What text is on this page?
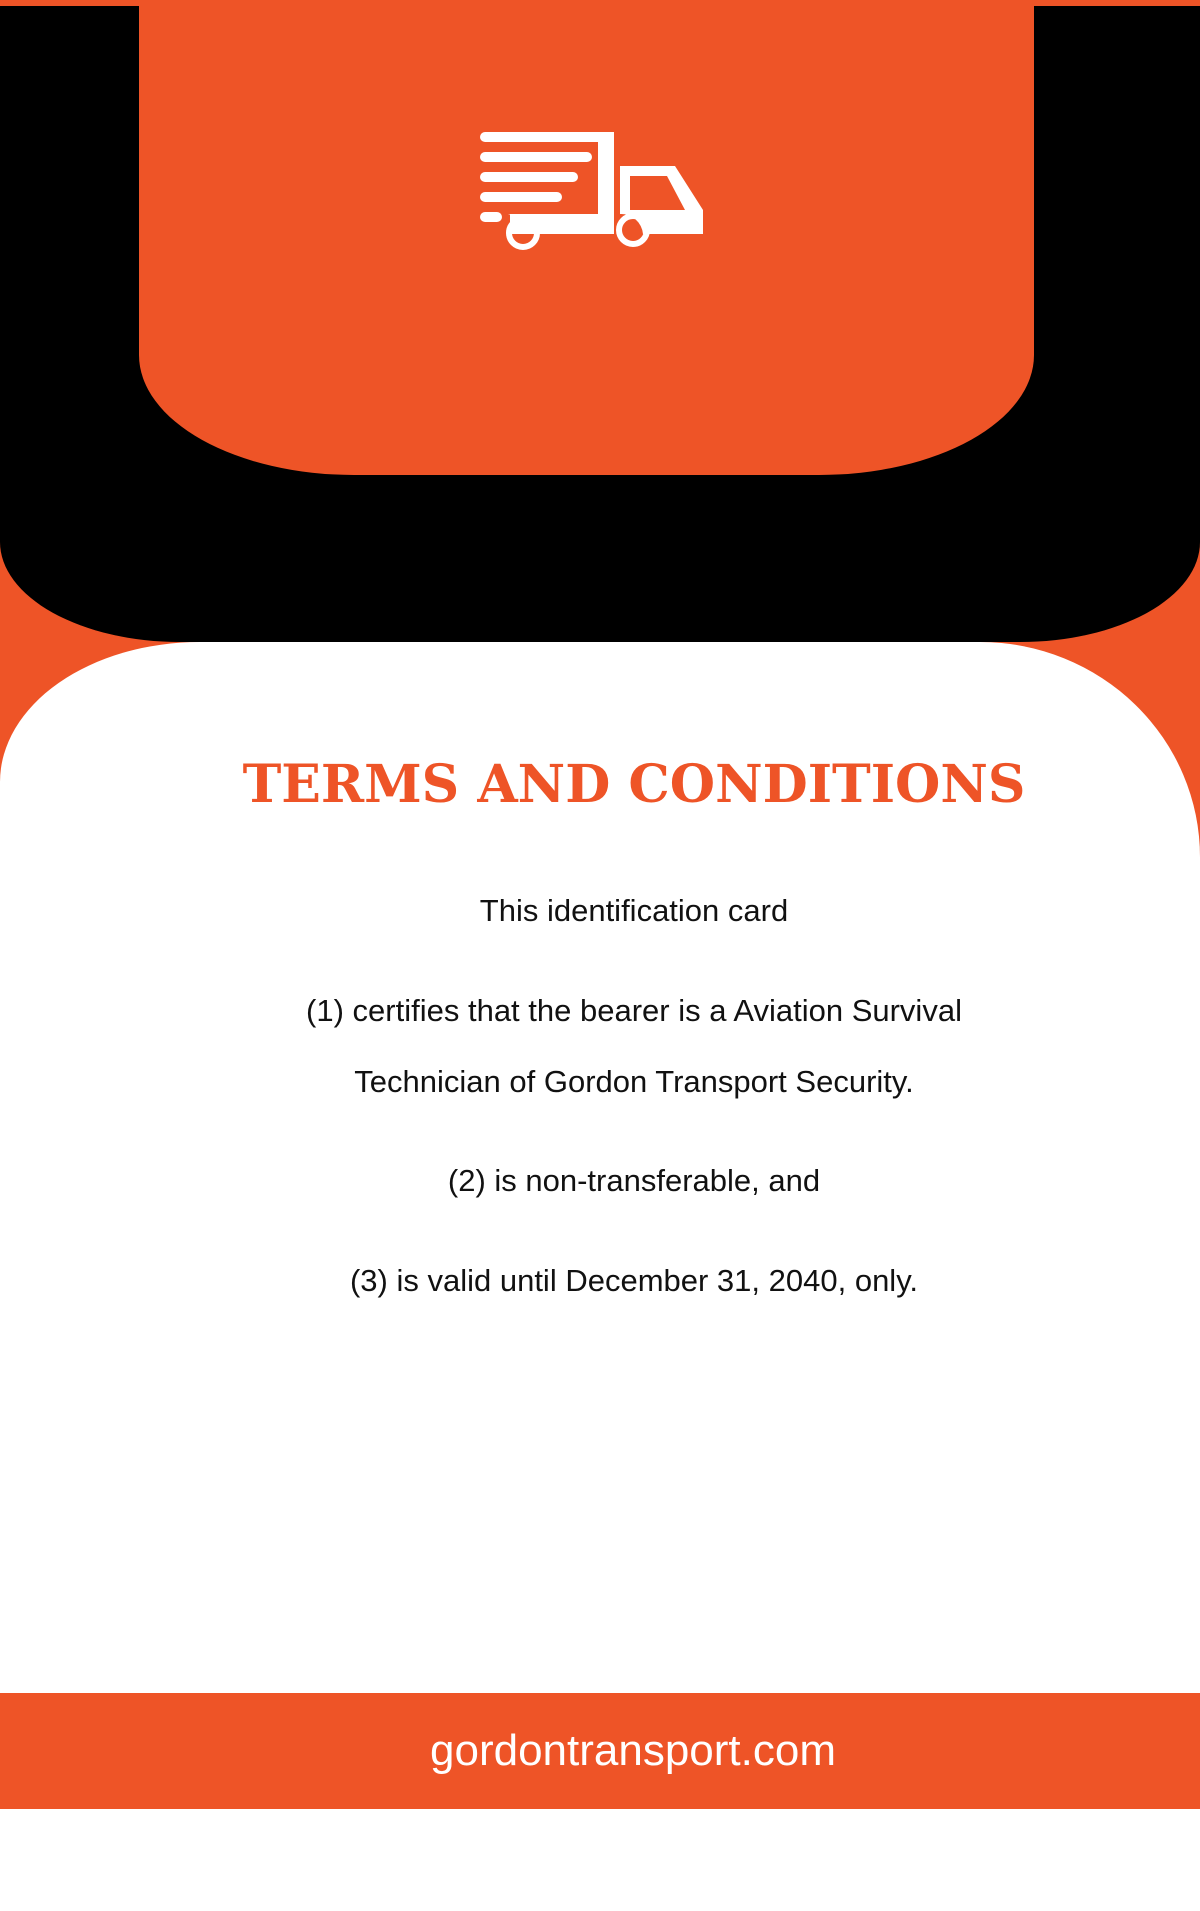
TERMS AND CONDITIONS
This identification card
(1) certifies that the bearer is a Aviation Survival
Technician of Gordon Transport Security.
(2) is non-transferable, and
(3) is valid until December 31, 2040, only.
gordontransport.com
